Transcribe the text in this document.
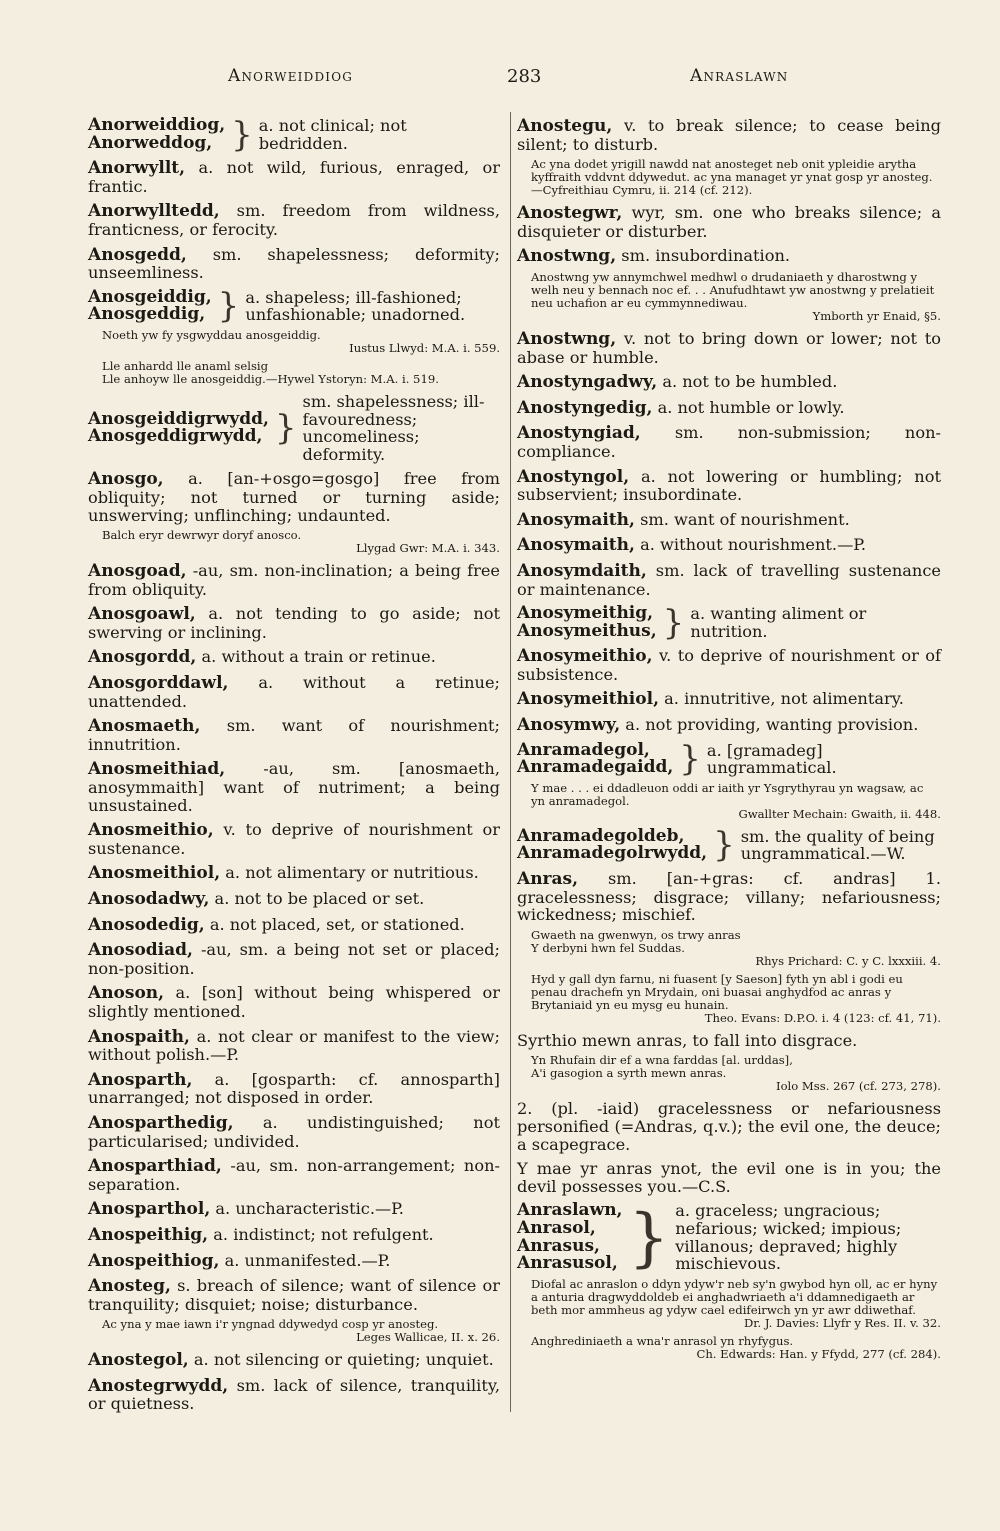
Anorweiddiog	283	Anraslawn
Anorweiddiog,
Anorweddog, } a. not clinical; not bedridden.
Anorwyllt, a. not wild, furious, enraged, or frantic.
Anorwylltedd, sm. freedom from wildness, franticness, or ferocity.
Anosgedd, sm. shapelessness; deformity; unseemliness.
Anosgeiddig,
Anosgeddig, } a. shapeless; ill-fashioned; unfashionable; unadorned.
Noeth yw fy ysgwyddau anosgeiddig.
Iustus Llwyd: M.A. i. 559.
Lle anhardd lle anaml selsig
Lle anhoyw lle anosgeiddig.—Hywel Ystoryn: M.A. i. 519.
Anosgeiddigrwydd,
Anosgeddigrwydd, }
sm. shapelessness; ill-favouredness; uncomeliness; deformity.
Anosgo, a. [an-+osgo=gosgo] free from obliquity; not turned or turning aside; unswerving; unflinching; undaunted.
Balch eryr dewrwyr doryf anosco.
Llygad Gwr: M.A. i. 343.
Anosgoad, -au, sm. non-inclination; a being free from obliquity.
Anosgoawl, a. not tending to go aside; not swerving or inclining.
Anosgordd, a. without a train or retinue.
Anosgorddawl, a. without a retinue; unattended.
Anosmaeth, sm. want of nourishment; innutrition.
Anosmeithiad, -au, sm. [anosmaeth, anosymmaith] want of nutriment; a being unsustained.
Anosmeithio, v. to deprive of nourishment or sustenance.
Anosmeithiol, a. not alimentary or nutritious.
Anosodadwy, a. not to be placed or set.
Anosodedig, a. not placed, set, or stationed.
Anosodiad, -au, sm. a being not set or placed; non-position.
Anoson, a. [son] without being whispered or slightly mentioned.
Anospaith, a. not clear or manifest to the view; without polish.—P.
Anosparth, a. [gosparth: cf. annosparth] unarranged; not disposed in order.
Anosparthedig, a. undistinguished; not particularised; undivided.
Anosparthiad, -au, sm. non-arrangement; non-separation.
Anosparthol, a. uncharacteristic.—P.
Anospeithig, a. indistinct; not refulgent.
Anospeithiog, a. unmanifested.—P.
Anosteg, s. breach of silence; want of silence or tranquility; disquiet; noise; disturbance.
Ac yna y mae iawn i'r yngnad ddywedyd cosp yr anosteg.
Leges Wallicae, II. x. 26.
Anostegol, a. not silencing or quieting; unquiet.
Anostegrwydd, sm. lack of silence, tranquility, or quietness.
Anostegu, v. to break silence; to cease being silent; to disturb.
Ac yna dodet yrigill nawdd nat anosteget neb onit ypleidie arytha kyffraith vddvnt ddywedut. ac yna managet yr ynat gosp yr anosteg.—Cyfreithiau Cymru, ii. 214 (cf. 212).
Anostegwr, wyr, sm. one who breaks silence; a disquieter or disturber.
Anostwng, sm. insubordination.
Anostwng yw annymchwel medhwl o drudaniaeth y dharostwng y welh neu y bennach noc ef. . . Anufudhtawt yw anostwng y prelatieit neu uchafion ar eu cymmynnediwau.
Ymborth yr Enaid, §5.
Anostwng, v. not to bring down or lower; not to abase or humble.
Anostyngadwy, a. not to be humbled.
Anostyngedig, a. not humble or lowly.
Anostyngiad, sm. non-submission; non-compliance.
Anostyngol, a. not lowering or humbling; not subservient; insubordinate.
Anosymaith, sm. want of nourishment.
Anosymaith, a. without nourishment.—P.
Anosymdaith, sm. lack of travelling sustenance or maintenance.
Anosymeithig,
Anosymeithus, } a. wanting aliment or nutrition.
Anosymeithio, v. to deprive of nourishment or of subsistence.
Anosymeithiol, a. innutritive, not alimentary.
Anosymwy, a. not providing, wanting provision.
Anramadegol,
Anramadegaidd, } a. [gramadeg] ungrammatical.
Y mae . . . ei ddadleuon oddi ar iaith yr Ysgrythyrau yn wagsaw, ac yn anramadegol.
Gwallter Mechain: Gwaith, ii. 448.
Anramadegoldeb,
Anramadegolrwydd, } sm. the quality of being ungrammatical.—W.
Anras, sm. [an-+gras: cf. andras] 1. gracelessness; disgrace; villany; nefariousness; wickedness; mischief.
Gwaeth na gwenwyn, os trwy anras
Y derbyni hwn fel Suddas.
Rhys Prichard: C. y C. lxxxiii. 4.
Hyd y gall dyn farnu, ni fuasent [y Saeson] fyth yn abl i godi eu penau drachefn yn Mrydain, oni buasai anghydfod ac anras y Brytaniaid yn eu mysg eu hunain.
Theo. Evans: D.P.O. i. 4 (123: cf. 41, 71).
Syrthio mewn anras, to fall into disgrace.
Yn Rhufain dir ef a wna farddas [al. urddas],
A'i gasogion a syrth mewn anras.
Iolo Mss. 267 (cf. 273, 278).
2. (pl. -iaid) gracelessness or nefariousness personified (=Andras, q.v.); the evil one, the deuce; a scapegrace.
Y mae yr anras ynot, the evil one is in you; the devil possesses you.—C.S.
Anraslawn,
Anrasol,
Anrasus,
Anrasusol, } a. graceless; ungracious; nefarious; wicked; impious; villanous; depraved; highly mischievous.
Diofal ac anraslon o ddyn ydyw'r neb sy'n gwybod hyn oll, ac er hyny a anturia dragwyddoldeb ei anghadwriaeth a'i ddamnedigaeth ar beth mor ammheus ag ydyw cael edifeirwch yn yr awr ddiwethaf.
Dr. J. Davies: Llyfr y Res. II. v. 32.
Anghrediniaeth a wna'r anrasol yn rhyfygus.
Ch. Edwards: Han. y Ffydd, 277 (cf. 284).
